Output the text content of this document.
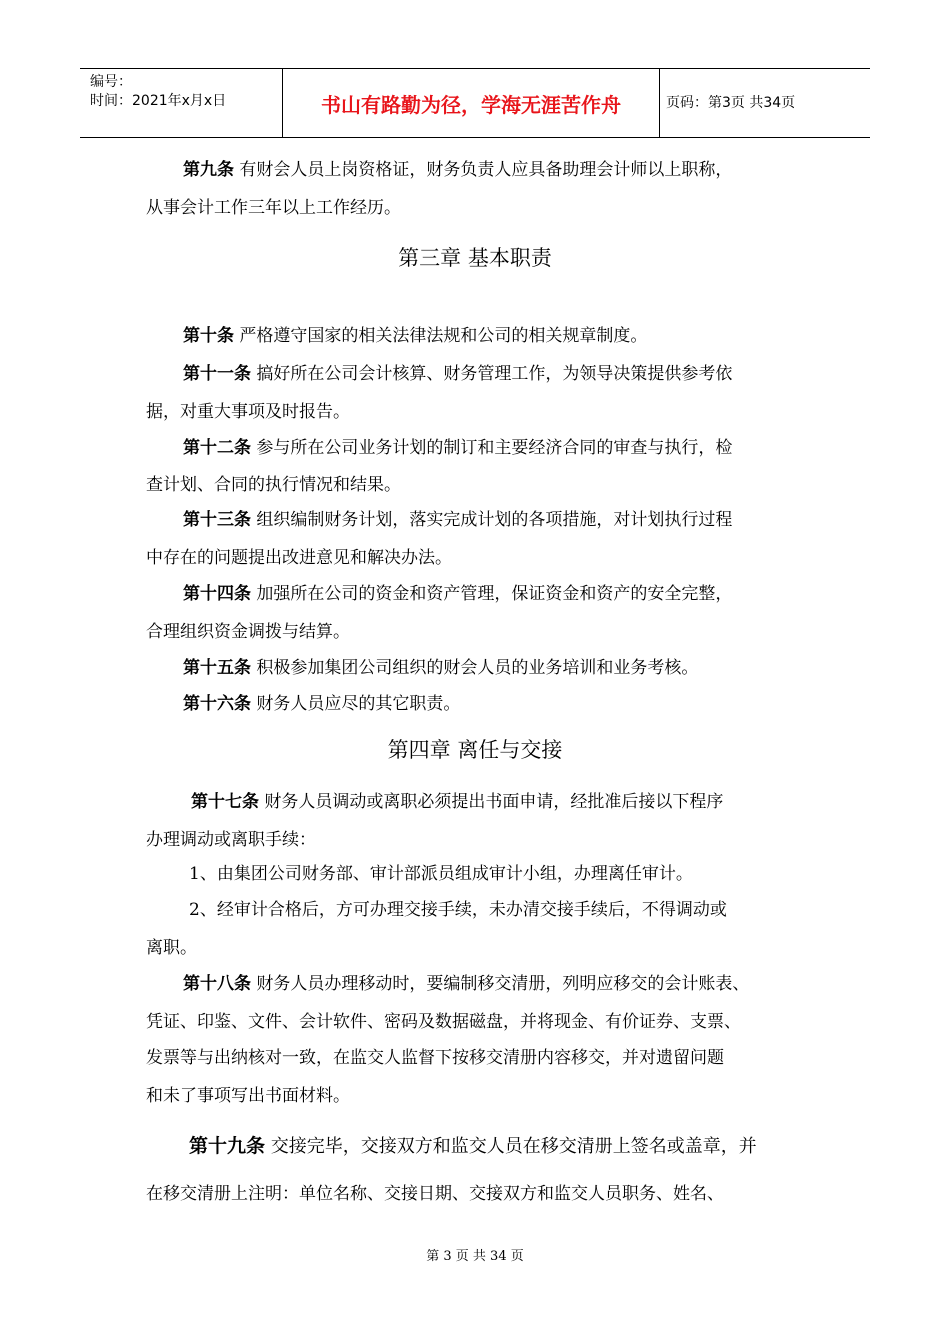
编号：
时间：2021年x月x日	书山有路勤为径，学海无涯苦作舟	页码：第3页 共34页
第九条 有财会人员上岗资格证，财务负责人应具备助理会计师以上职称，
从事会计工作三年以上工作经历。
第三章 基本职责
第十条 严格遵守国家的相关法律法规和公司的相关规章制度。
第十一条 搞好所在公司会计核算、财务管理工作，为领导决策提供参考依
据，对重大事项及时报告。
第十二条 参与所在公司业务计划的制订和主要经济合同的审查与执行，检
查计划、合同的执行情况和结果。
第十三条 组织编制财务计划，落实完成计划的各项措施，对计划执行过程
中存在的问题提出改进意见和解决办法。
第十四条 加强所在公司的资金和资产管理，保证资金和资产的安全完整，
合理组织资金调拨与结算。
第十五条 积极参加集团公司组织的财会人员的业务培训和业务考核。
第十六条 财务人员应尽的其它职责。
第四章 离任与交接
第十七条 财务人员调动或离职必须提出书面申请，经批准后接以下程序
办理调动或离职手续：
1、由集团公司财务部、审计部派员组成审计小组，办理离任审计。
2、经审计合格后，方可办理交接手续，未办清交接手续后，不得调动或
离职。
第十八条 财务人员办理移动时，要编制移交清册，列明应移交的会计账表、
凭证、印鉴、文件、会计软件、密码及数据磁盘，并将现金、有价证券、支票、
发票等与出纳核对一致，在监交人监督下按移交清册内容移交，并对遗留问题
和未了事项写出书面材料。
第十九条 交接完毕，交接双方和监交人员在移交清册上签名或盖章，并
在移交清册上注明：单位名称、交接日期、交接双方和监交人员职务、姓名、
第 3 页 共 34 页
